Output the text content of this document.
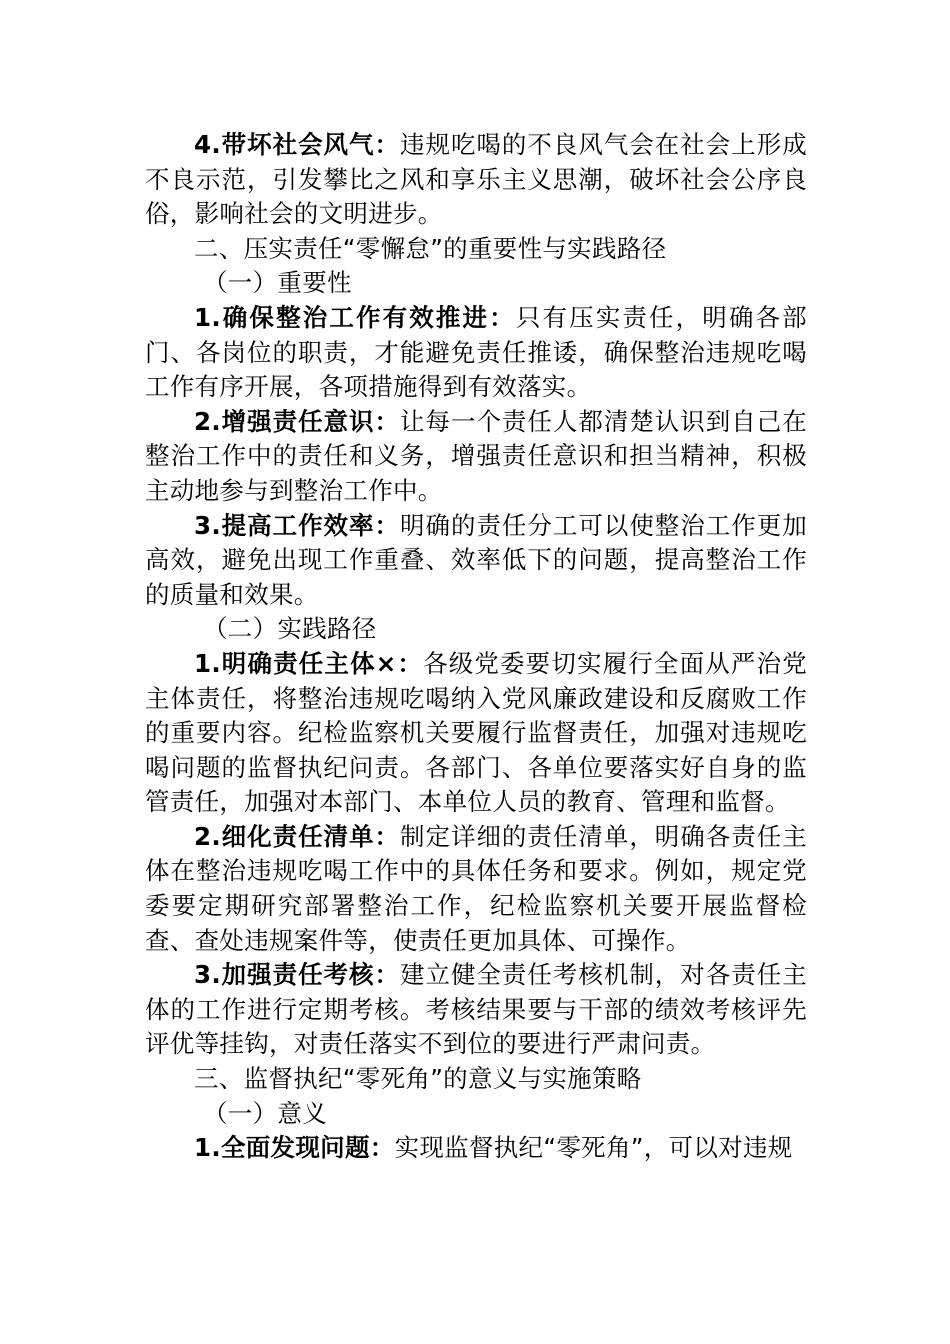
4.带坏社会风气：违规吃喝的不良风气会在社会上形成不良示范，引发攀比之风和享乐主义思潮，破坏社会公序良俗，影响社会的文明进步。

二、压实责任“零懈怠”的重要性与实践路径

（一）重要性

1.确保整治工作有效推进：只有压实责任，明确各部门、各岗位的职责，才能避免责任推诿，确保整治违规吃喝工作有序开展，各项措施得到有效落实。

2.增强责任意识：让每一个责任人都清楚认识到自己在整治工作中的责任和义务，增强责任意识和担当精神，积极主动地参与到整治工作中。

3.提高工作效率：明确的责任分工可以使整治工作更加高效，避免出现工作重叠、效率低下的问题，提高整治工作的质量和效果。

（二）实践路径

1.明确责任主体×：各级党委要切实履行全面从严治党主体责任，将整治违规吃喝纳入党风廉政建设和反腐败工作的重要内容。纪检监察机关要履行监督责任，加强对违规吃喝问题的监督执纪问责。各部门、各单位要落实好自身的监管责任，加强对本部门、本单位人员的教育、管理和监督。

2.细化责任清单：制定详细的责任清单，明确各责任主体在整治违规吃喝工作中的具体任务和要求。例如，规定党委要定期研究部署整治工作，纪检监察机关要开展监督检查、查处违规案件等，使责任更加具体、可操作。

3.加强责任考核：建立健全责任考核机制，对各责任主体的工作进行定期考核。考核结果要与干部的绩效考核评先评优等挂钩，对责任落实不到位的要进行严肃问责。

三、监督执纪“零死角”的意义与实施策略

（一）意义

1.全面发现问题：实现监督执纪“零死角”，可以对违规
